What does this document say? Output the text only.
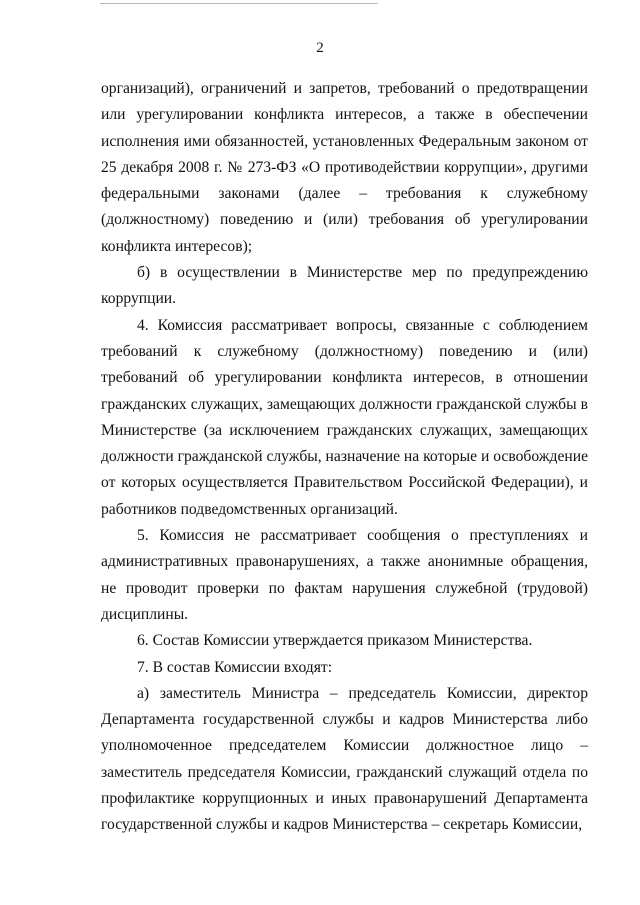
2

организаций), ограничений и запретов, требований о предотвращении или урегулировании конфликта интересов, а также в обеспечении исполнения ими обязанностей, установленных Федеральным законом от 25 декабря 2008 г. № 273-ФЗ «О противодействии коррупции», другими федеральными законами (далее – требования к служебному (должностному) поведению и (или) требования об урегулировании конфликта интересов);

б) в осуществлении в Министерстве мер по предупреждению коррупции.

4. Комиссия рассматривает вопросы, связанные с соблюдением требований к служебному (должностному) поведению и (или) требований об урегулировании конфликта интересов, в отношении гражданских служащих, замещающих должности гражданской службы в Министерстве (за исключением гражданских служащих, замещающих должности гражданской службы, назначение на которые и освобождение от которых осуществляется Правительством Российской Федерации), и работников подведомственных организаций.

5. Комиссия не рассматривает сообщения о преступлениях и административных правонарушениях, а также анонимные обращения, не проводит проверки по фактам нарушения служебной (трудовой) дисциплины.

6. Состав Комиссии утверждается приказом Министерства.

7. В состав Комиссии входят:

а) заместитель Министра – председатель Комиссии, директор Департамента государственной службы и кадров Министерства либо уполномоченное председателем Комиссии должностное лицо – заместитель председателя Комиссии, гражданский служащий отдела по профилактике коррупционных и иных правонарушений Департамента государственной службы и кадров Министерства – секретарь Комиссии,
